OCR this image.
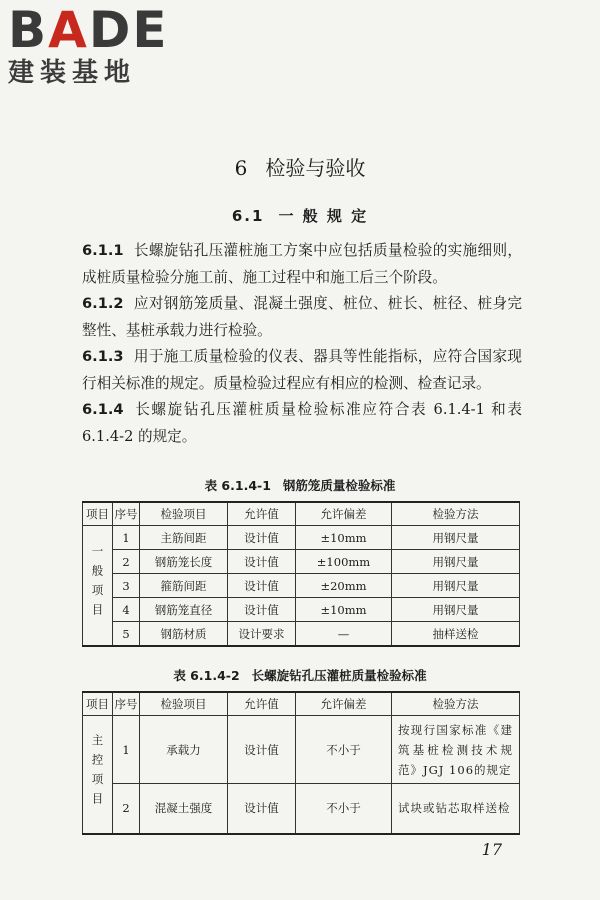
BADE
建装基地
6 检验与验收
6.1 一 般 规 定
6.1.1 长螺旋钻孔压灌桩施工方案中应包括质量检验的实施细则，成桩质量检验分施工前、施工过程中和施工后三个阶段。
6.1.2 应对钢筋笼质量、混凝土强度、桩位、桩长、桩径、桩身完整性、基桩承载力进行检验。
6.1.3 用于施工质量检验的仪表、器具等性能指标，应符合国家现行相关标准的规定。质量检验过程应有相应的检测、检查记录。
6.1.4 长螺旋钻孔压灌桩质量检验标准应符合表 6.1.4-1 和表 6.1.4-2 的规定。
表 6.1.4-1 钢筋笼质量检验标准
项目	序号	检验项目	允许值	允许偏差	检验方法
一般项目	1	主筋间距	设计值	±10mm	用钢尺量
	2	钢筋笼长度	设计值	±100mm	用钢尺量
	3	箍筋间距	设计值	±20mm	用钢尺量
	4	钢筋笼直径	设计值	±10mm	用钢尺量
	5	钢筋材质	设计要求	—	抽样送检
表 6.1.4-2 长螺旋钻孔压灌桩质量检验标准
项目	序号	检验项目	允许值	允许偏差	检验方法
主控项目	1	承载力	设计值	不小于	按现行国家标准《建筑基桩检测技术规范》JGJ 106的规定
	2	混凝土强度	设计值	不小于	试块或钻芯取样送检
17
